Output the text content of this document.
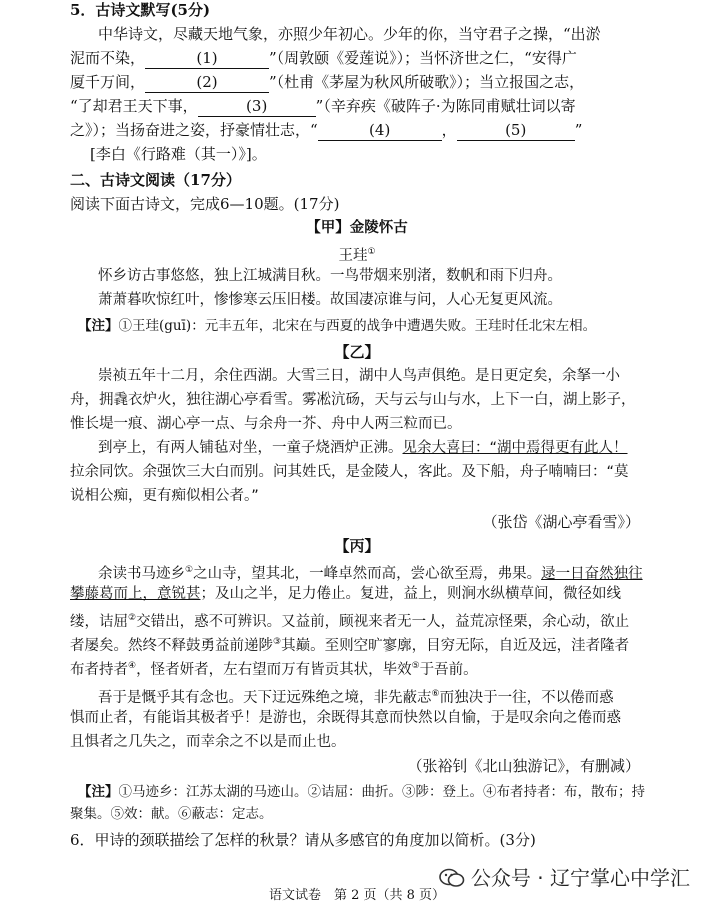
5．古诗文默写(5分)
中华诗文，尽藏天地气象，亦照少年初心。少年的你，当守君子之操，“出淤
泥而不染，	(1)	”（周敦颐《爱莲说》）；当怀济世之仁，“安得广
厦千万间，	(2)	”（杜甫《茅屋为秋风所破歌》）；当立报国之志，
“了却君王天下事，	(3)	”（辛弃疾《破阵子·为陈同甫赋壮词以寄
之》）；当扬奋进之姿，抒豪情壮志，“	(4)	，	(5)	”
[李白《行路难（其一）》]。
二、古诗文阅读（17分）
阅读下面古诗文，完成6—10题。(17分)
【甲】金陵怀古
王珪①
怀乡访古事悠悠，独上江城满目秋。一鸟带烟来别渚，数帆和雨下归舟。
萧萧暮吹惊红叶，惨惨寒云压旧楼。故国凄凉谁与问，人心无复更风流。
【注】①王珪(guī)：元丰五年，北宋在与西夏的战争中遭遇失败。王珪时任北宋左相。
【乙】
崇祯五年十二月，余住西湖。大雪三日，湖中人鸟声俱绝。是日更定矣，余拏一小
舟，拥毳衣炉火，独往湖心亭看雪。雾凇沆砀，天与云与山与水，上下一白，湖上影子，
惟长堤一痕、湖心亭一点、与余舟一芥、舟中人两三粒而已。
到亭上，有两人铺毡对坐，一童子烧酒炉正沸。见余大喜曰：“湖中焉得更有此人！
拉余同饮。余强饮三大白而别。问其姓氏，是金陵人，客此。及下船，舟子喃喃曰：“莫
说相公痴，更有痴似相公者。”
（张岱《湖心亭看雪》）
【丙】
余读书马迹乡①之山寺，望其北，一峰卓然而高，尝心欲至焉，弗果。逯一日奋然独往
攀藤葛而上，意锐甚；及山之半，足力倦止。复进，益上，则涧水纵横草间，微径如线
缕，诘屈②交错出，惑不可辨识。又益前，顾视来者无一人，益荒凉怪栗，余心动，欲止
者屡矣。然终不释鼓勇益前递陟③其巅。至则空旷寥廓，目穷无际，自近及远，洼者隆者
布者持者④，怪者妍者，左右望而万有皆贡其状，毕效⑤于吾前。
吾于是慨乎其有念也。天下迂远殊绝之境，非先蔽志⑥而独决于一往，不以倦而惑
惧而止者，有能诣其极者乎！是游也，余既得其意而快然以自愉，于是叹余向之倦而惑
且惧者之几失之，而幸余之不以是而止也。
（张裕钊《北山独游记》，有删减）
【注】①马迹乡：江苏太湖的马迹山。②诘屈：曲折。③陟：登上。④布者持者：布，散布；持
聚集。⑤效：献。⑥蔽志：定志。
6．甲诗的颈联描绘了怎样的秋景？请从多感官的角度加以简析。(3分)
公众号 · 辽宁掌心中学汇
语文试卷　第 2 页（共 8 页）
